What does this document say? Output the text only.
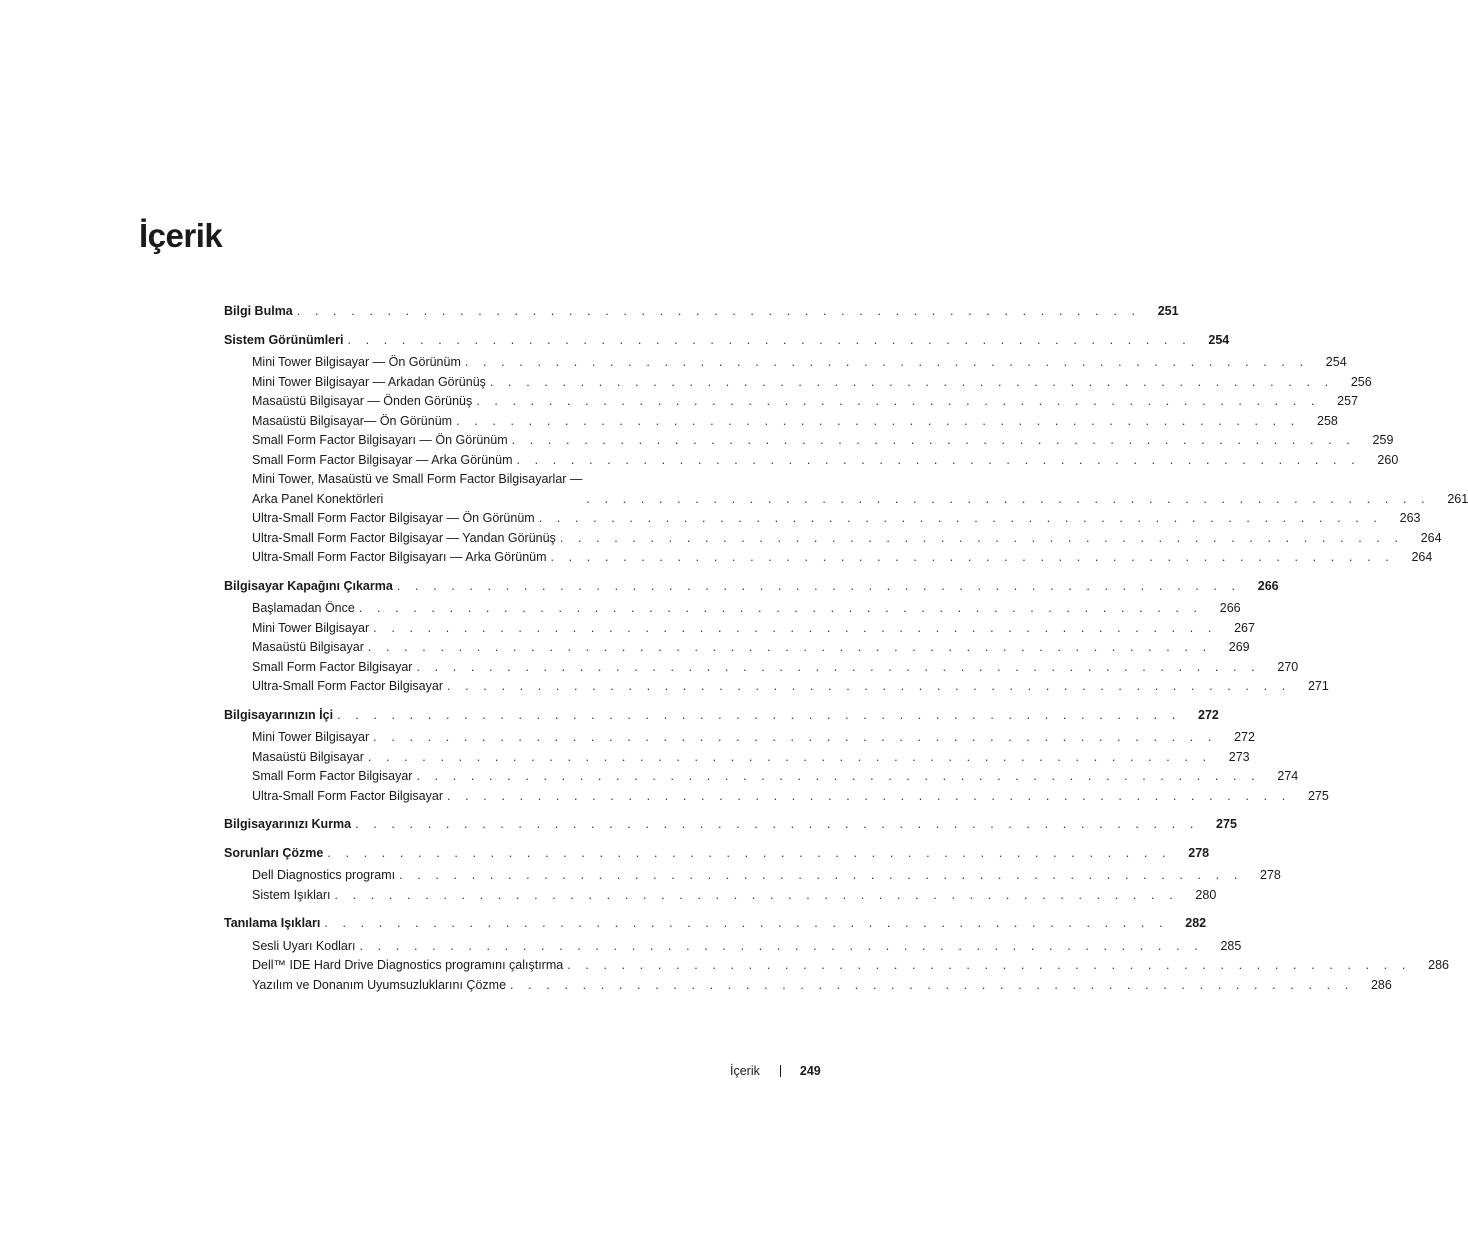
İçerik
Bilgi Bulma . . . . . . . . . . . . . . . . . . . . . . . . . . . . . . . . . . . . . . . . . . . . . . . 251
Sistem Görünümleri . . . . . . . . . . . . . . . . . . . . . . . . . . . . . . . . . . . . . . . . . . . . . . . 254
Mini Tower Bilgisayar — Ön Görünüm . . . . . . . . . . . . . . . . . . . . . . . . . . . . . . . . . . . . . . . . . . . . . . . 254
Mini Tower Bilgisayar — Arkadan Görünüş . . . . . . . . . . . . . . . . . . . . . . . . . . . . . . . . . . . . . . . . . . . . . . . 256
Masaüstü Bilgisayar — Önden Görünüş . . . . . . . . . . . . . . . . . . . . . . . . . . . . . . . . . . . . . . . . . . . . . . . 257
Masaüstü Bilgisayar— Ön Görünüm . . . . . . . . . . . . . . . . . . . . . . . . . . . . . . . . . . . . . . . . . . . . . . . 258
Small Form Factor Bilgisayarı — Ön Görünüm . . . . . . . . . . . . . . . . . . . . . . . . . . . . . . . . . . . . . . . . . . . . . . . 259
Small Form Factor Bilgisayar — Arka Görünüm . . . . . . . . . . . . . . . . . . . . . . . . . . . . . . . . . . . . . . . . . . . . . . . 260
Mini Tower, Masaüstü ve Small Form Factor Bilgisayarlar —
Arka Panel Konektörleri	. . . . . . . . . . . . . . . . . . . . . . . . . . . . . . . . . . . . . . . . . . . . . . . 261
Ultra-Small Form Factor Bilgisayar — Ön Görünüm . . . . . . . . . . . . . . . . . . . . . . . . . . . . . . . . . . . . . . . . . . . . . . . 263
Ultra-Small Form Factor Bilgisayar — Yandan Görünüş . . . . . . . . . . . . . . . . . . . . . . . . . . . . . . . . . . . . . . . . . . . . . . . 264
Ultra-Small Form Factor Bilgisayarı — Arka Görünüm . . . . . . . . . . . . . . . . . . . . . . . . . . . . . . . . . . . . . . . . . . . . . . . 264
Bilgisayar Kapağını Çıkarma . . . . . . . . . . . . . . . . . . . . . . . . . . . . . . . . . . . . . . . . . . . . . . . 266
Başlamadan Önce . . . . . . . . . . . . . . . . . . . . . . . . . . . . . . . . . . . . . . . . . . . . . . . 266
Mini Tower Bilgisayar . . . . . . . . . . . . . . . . . . . . . . . . . . . . . . . . . . . . . . . . . . . . . . . 267
Masaüstü Bilgisayar . . . . . . . . . . . . . . . . . . . . . . . . . . . . . . . . . . . . . . . . . . . . . . . 269
Small Form Factor Bilgisayar . . . . . . . . . . . . . . . . . . . . . . . . . . . . . . . . . . . . . . . . . . . . . . . 270
Ultra-Small Form Factor Bilgisayar . . . . . . . . . . . . . . . . . . . . . . . . . . . . . . . . . . . . . . . . . . . . . . . 271
Bilgisayarınızın İçi . . . . . . . . . . . . . . . . . . . . . . . . . . . . . . . . . . . . . . . . . . . . . . . 272
Mini Tower Bilgisayar . . . . . . . . . . . . . . . . . . . . . . . . . . . . . . . . . . . . . . . . . . . . . . . 272
Masaüstü Bilgisayar . . . . . . . . . . . . . . . . . . . . . . . . . . . . . . . . . . . . . . . . . . . . . . . 273
Small Form Factor Bilgisayar . . . . . . . . . . . . . . . . . . . . . . . . . . . . . . . . . . . . . . . . . . . . . . . 274
Ultra-Small Form Factor Bilgisayar . . . . . . . . . . . . . . . . . . . . . . . . . . . . . . . . . . . . . . . . . . . . . . . 275
Bilgisayarınızı Kurma . . . . . . . . . . . . . . . . . . . . . . . . . . . . . . . . . . . . . . . . . . . . . . . 275
Sorunları Çözme . . . . . . . . . . . . . . . . . . . . . . . . . . . . . . . . . . . . . . . . . . . . . . . 278
Dell Diagnostics programı . . . . . . . . . . . . . . . . . . . . . . . . . . . . . . . . . . . . . . . . . . . . . . . 278
Sistem Işıkları . . . . . . . . . . . . . . . . . . . . . . . . . . . . . . . . . . . . . . . . . . . . . . . 280
Tanılama Işıkları . . . . . . . . . . . . . . . . . . . . . . . . . . . . . . . . . . . . . . . . . . . . . . . 282
Sesli Uyarı Kodları . . . . . . . . . . . . . . . . . . . . . . . . . . . . . . . . . . . . . . . . . . . . . . . 285
Dell™ IDE Hard Drive Diagnostics programını çalıştırma . . . . . . . . . . . . . . . . . . . . . . . . . . . . . . . . . . . . . . . . . . . . . . . 286
Yazılım ve Donanım Uyumsuzluklarını Çözme . . . . . . . . . . . . . . . . . . . . . . . . . . . . . . . . . . . . . . . . . . . . . . . 286
İçerik	249
